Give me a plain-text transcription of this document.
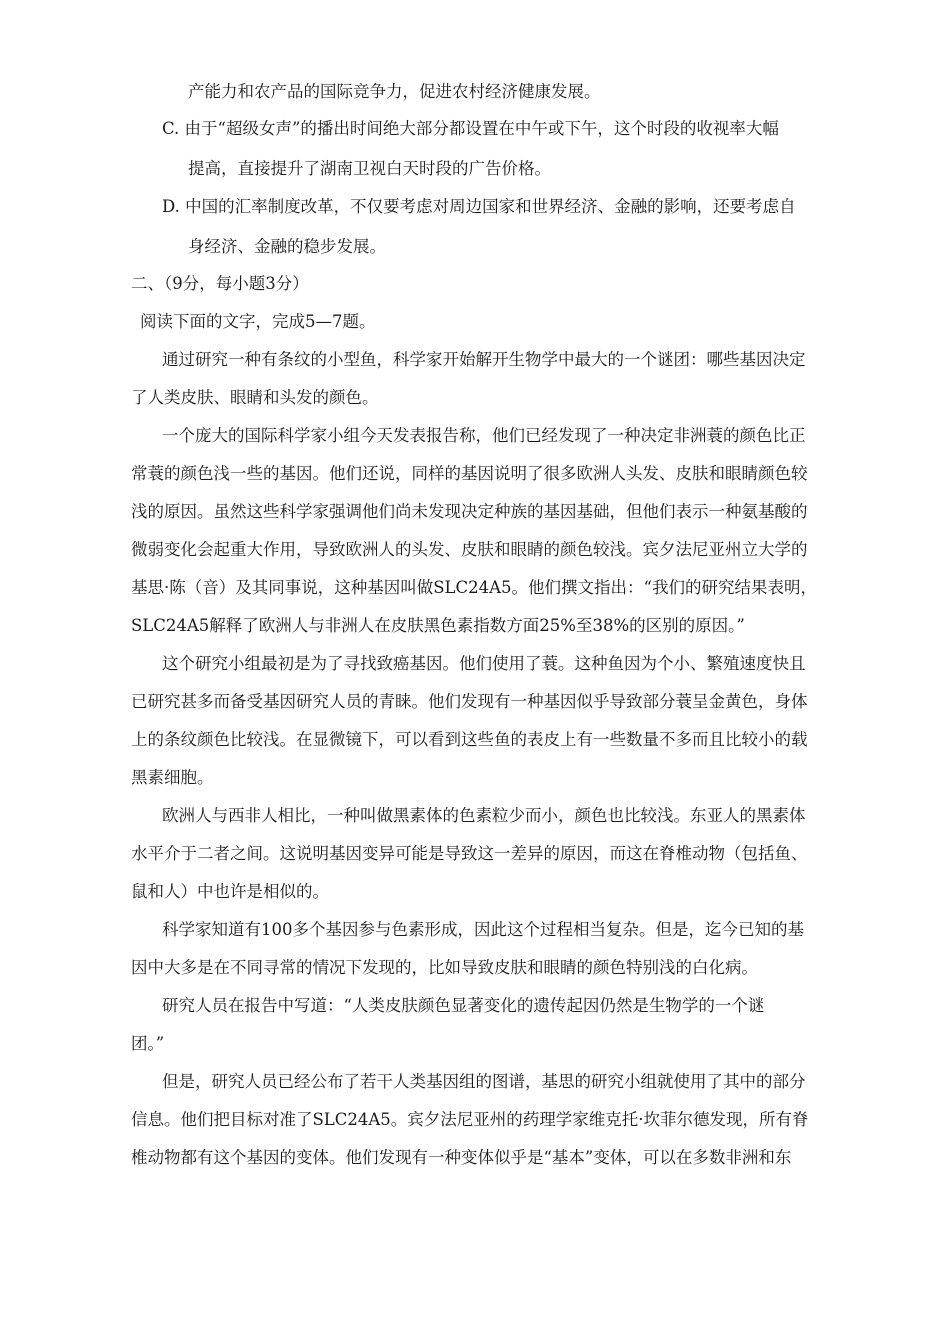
产能力和农产品的国际竞争力，促进农村经济健康发展。
C. 由于“超级女声”的播出时间绝大部分都设置在中午或下午，这个时段的收视率大幅
提高，直接提升了湖南卫视白天时段的广告价格。
D. 中国的汇率制度改革，不仅要考虑对周边国家和世界经济、金融的影响，还要考虑自
身经济、金融的稳步发展。
二、（9分，每小题3分）
阅读下面的文字，完成5—7题。
通过研究一种有条纹的小型鱼，科学家开始解开生物学中最大的一个谜团：哪些基因决定
了人类皮肤、眼睛和头发的颜色。
一个庞大的国际科学家小组今天发表报告称，他们已经发现了一种决定非洲蓑的颜色比正
常蓑的颜色浅一些的基因。他们还说，同样的基因说明了很多欧洲人头发、皮肤和眼睛颜色较
浅的原因。虽然这些科学家强调他们尚未发现决定种族的基因基础，但他们表示一种氨基酸的
微弱变化会起重大作用，导致欧洲人的头发、皮肤和眼睛的颜色较浅。宾夕法尼亚州立大学的
基思·陈（音）及其同事说，这种基因叫做SLC24A5。他们撰文指出：“我们的研究结果表明，
SLC24A5解释了欧洲人与非洲人在皮肤黑色素指数方面25%至38%的区别的原因。”
这个研究小组最初是为了寻找致癌基因。他们使用了蓑。这种鱼因为个小、繁殖速度快且
已研究甚多而备受基因研究人员的青睐。他们发现有一种基因似乎导致部分蓑呈金黄色，身体
上的条纹颜色比较浅。在显微镜下，可以看到这些鱼的表皮上有一些数量不多而且比较小的载
黑素细胞。
欧洲人与西非人相比，一种叫做黑素体的色素粒少而小，颜色也比较浅。东亚人的黑素体
水平介于二者之间。这说明基因变异可能是导致这一差异的原因，而这在脊椎动物（包括鱼、
鼠和人）中也许是相似的。
科学家知道有100多个基因参与色素形成，因此这个过程相当复杂。但是，迄今已知的基
因中大多是在不同寻常的情况下发现的，比如导致皮肤和眼睛的颜色特别浅的白化病。
研究人员在报告中写道：“人类皮肤颜色显著变化的遗传起因仍然是生物学的一个谜
团。”
但是，研究人员已经公布了若干人类基因组的图谱，基思的研究小组就使用了其中的部分
信息。他们把目标对准了SLC24A5。宾夕法尼亚州的药理学家维克托·坎菲尔德发现，所有脊
椎动物都有这个基因的变体。他们发现有一种变体似乎是“基本”变体，可以在多数非洲和东
